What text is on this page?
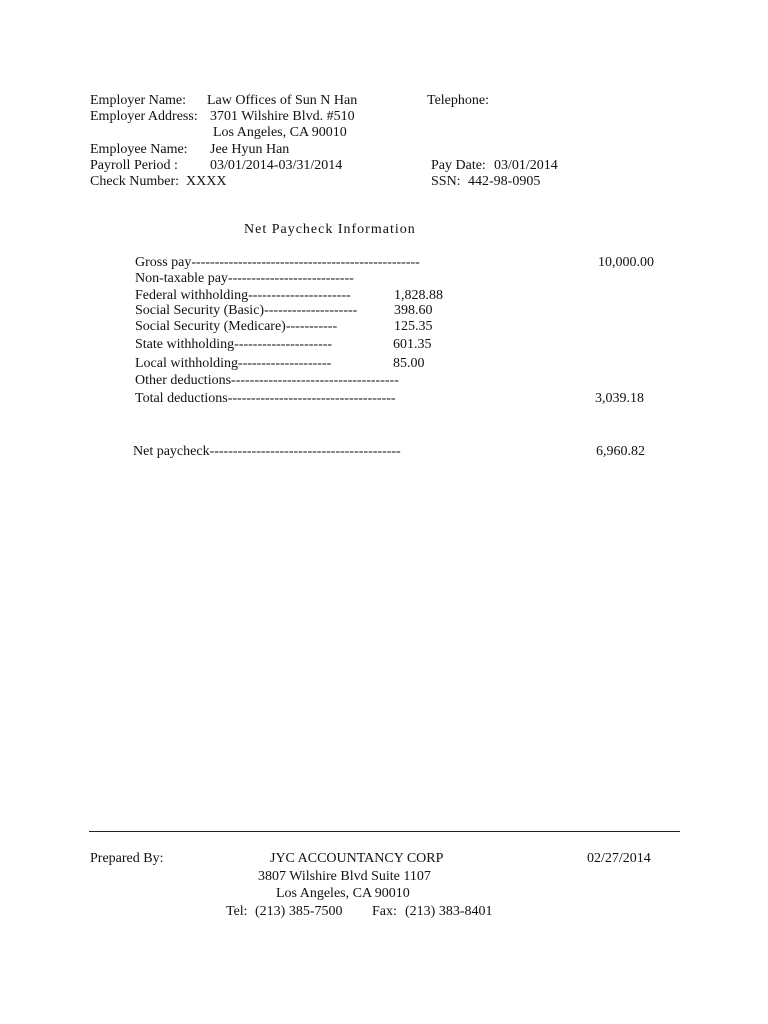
Employer Name: Law Offices of Sun N Han	Telephone:
Employer Address: 3701 Wilshire Blvd. #510
Los Angeles, CA 90010
Employee Name: Jee Hyun Han
Payroll Period : 03/01/2014-03/31/2014	Pay Date: 03/01/2014
Check Number: XXXX	SSN: 442-98-0905
Net Paycheck Information
Gross pay-------------------------------------------------	10,000.00
Non-taxable pay---------------------------
Federal withholding----------------------	1,828.88
Social Security (Basic)--------------------	398.60
Social Security (Medicare)-----------	125.35
State withholding---------------------	601.35
Local withholding--------------------	85.00
Other deductions------------------------------------
Total deductions------------------------------------	3,039.18
Net paycheck-----------------------------------------	6,960.82
Prepared By:	JYC ACCOUNTANCY CORP	02/27/2014
3807 Wilshire Blvd Suite 1107
Los Angeles, CA 90010
Tel: (213) 385-7500 Fax: (213) 383-8401
